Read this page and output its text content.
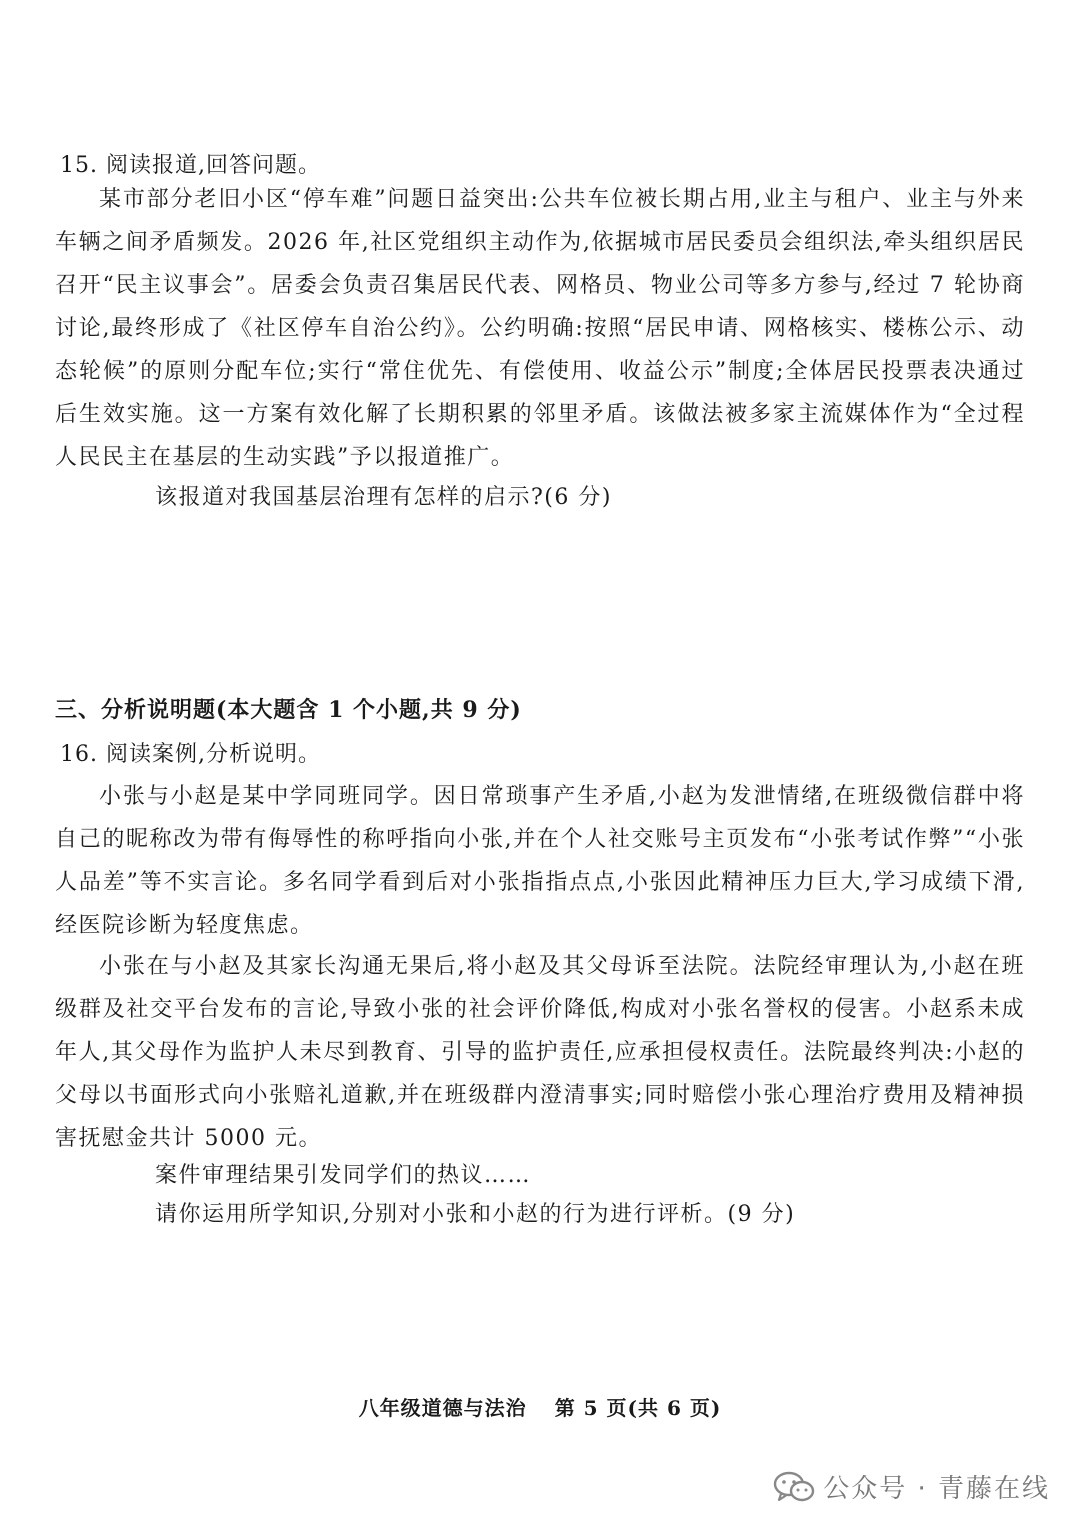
15. 阅读报道,回答问题。

某市部分老旧小区“停车难”问题日益突出:公共车位被长期占用,业主与租户、业主与外来车辆之间矛盾频发。2026 年,社区党组织主动作为,依据城市居民委员会组织法,牵头组织居民召开“民主议事会”。居委会负责召集居民代表、网格员、物业公司等多方参与,经过 7 轮协商讨论,最终形成了《社区停车自治公约》。公约明确:按照“居民申请、网格核实、楼栋公示、动态轮候”的原则分配车位;实行“常住优先、有偿使用、收益公示”制度;全体居民投票表决通过后生效实施。这一方案有效化解了长期积累的邻里矛盾。该做法被多家主流媒体作为“全过程人民民主在基层的生动实践”予以报道推广。

该报道对我国基层治理有怎样的启示?(6 分)
三、分析说明题(本大题含 1 个小题,共 9 分)
16. 阅读案例,分析说明。

小张与小赵是某中学同班同学。因日常琐事产生矛盾,小赵为发泄情绪,在班级微信群中将自己的昵称改为带有侮辱性的称呼指向小张,并在个人社交账号主页发布“小张考试作弊”“小张人品差”等不实言论。多名同学看到后对小张指指点点,小张因此精神压力巨大,学习成绩下滑,经医院诊断为轻度焦虑。

小张在与小赵及其家长沟通无果后,将小赵及其父母诉至法院。法院经审理认为,小赵在班级群及社交平台发布的言论,导致小张的社会评价降低,构成对小张名誉权的侵害。小赵系未成年人,其父母作为监护人未尽到教育、引导的监护责任,应承担侵权责任。法院最终判决:小赵的父母以书面形式向小张赔礼道歉,并在班级群内澄清事实;同时赔偿小张心理治疗费用及精神损害抚慰金共计 5000 元。

案件审理结果引发同学们的热议……
请你运用所学知识,分别对小张和小赵的行为进行评析。(9 分)
八年级道德与法治 第 5 页(共 6 页)
公众号 · 青藤在线
